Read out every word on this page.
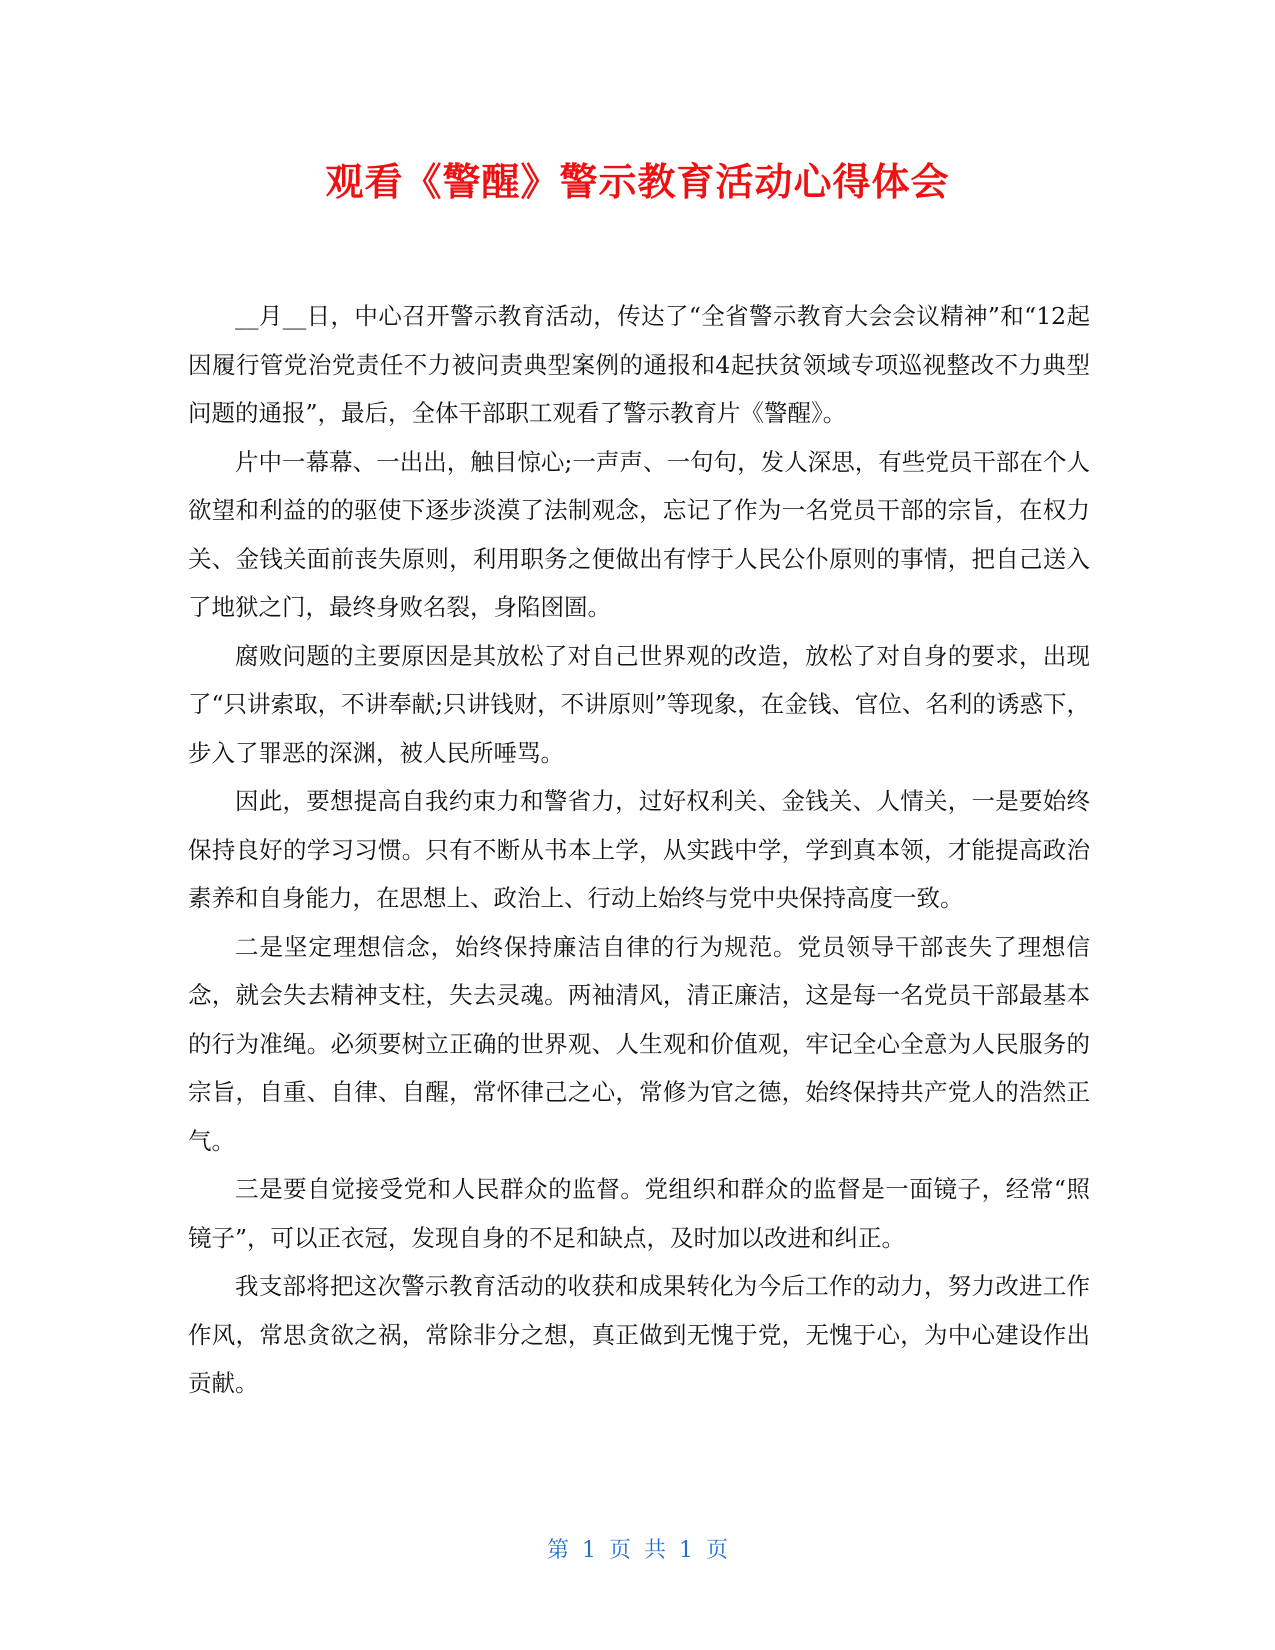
观看《警醒》警示教育活动心得体会

__月__日，中心召开警示教育活动，传达了“全省警示教育大会会议精神”和“12起因履行管党治党责任不力被问责典型案例的通报和4起扶贫领域专项巡视整改不力典型问题的通报”，最后，全体干部职工观看了警示教育片《警醒》。

片中一幕幕、一出出，触目惊心;一声声、一句句，发人深思，有些党员干部在个人欲望和利益的的驱使下逐步淡漠了法制观念，忘记了作为一名党员干部的宗旨，在权力关、金钱关面前丧失原则，利用职务之便做出有悖于人民公仆原则的事情，把自己送入了地狱之门，最终身败名裂，身陷囹圄。

腐败问题的主要原因是其放松了对自己世界观的改造，放松了对自身的要求，出现了“只讲索取，不讲奉献;只讲钱财，不讲原则”等现象，在金钱、官位、名利的诱惑下，步入了罪恶的深渊，被人民所唾骂。

因此，要想提高自我约束力和警省力，过好权利关、金钱关、人情关，一是要始终保持良好的学习习惯。只有不断从书本上学，从实践中学，学到真本领，才能提高政治素养和自身能力，在思想上、政治上、行动上始终与党中央保持高度一致。

二是坚定理想信念，始终保持廉洁自律的行为规范。党员领导干部丧失了理想信念，就会失去精神支柱，失去灵魂。两袖清风，清正廉洁，这是每一名党员干部最基本的行为准绳。必须要树立正确的世界观、人生观和价值观，牢记全心全意为人民服务的宗旨，自重、自律、自醒，常怀律己之心，常修为官之德，始终保持共产党人的浩然正气。

三是要自觉接受党和人民群众的监督。党组织和群众的监督是一面镜子，经常“照镜子”，可以正衣冠，发现自身的不足和缺点，及时加以改进和纠正。

我支部将把这次警示教育活动的收获和成果转化为今后工作的动力，努力改进工作作风，常思贪欲之祸，常除非分之想，真正做到无愧于党，无愧于心，为中心建设作出贡献。

第 1 页 共 1 页
